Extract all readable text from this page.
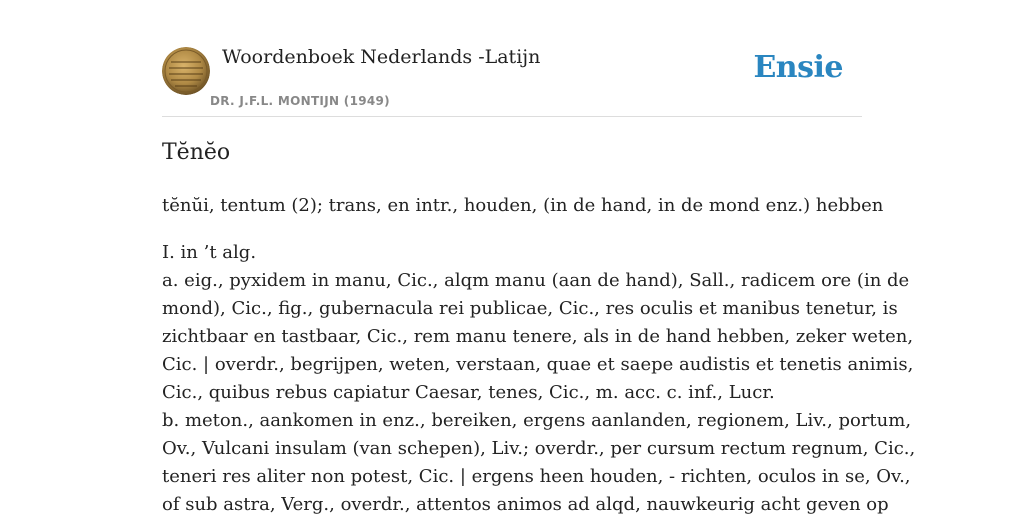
Woordenboek Nederlands -Latijn
DR. J.F.L. MONTIJN (1949)
Ensie
Tĕnĕo
tĕnŭi, tentum (2); trans, en intr., houden, (in de hand, in de mond enz.) hebben
I. in ’t alg.
a. eig., pyxidem in manu, Cic., alqm manu (aan de hand), Sall., radicem ore (in de
mond), Cic., fig., gubernacula rei publicae, Cic., res oculis et manibus tenetur, is
zichtbaar en tastbaar, Cic., rem manu tenere, als in de hand hebben, zeker weten,
Cic. | overdr., begrijpen, weten, verstaan, quae et saepe audistis et tenetis animis,
Cic., quibus rebus capiatur Caesar, tenes, Cic., m. acc. c. inf., Lucr.
b. meton., aankomen in enz., bereiken, ergens aanlanden, regionem, Liv., portum,
Ov., Vulcani insulam (van schepen), Liv.; overdr., per cursum rectum regnum, Cic.,
teneri res aliter non potest, Cic. | ergens heen houden, - richten, oculos in se, Ov.,
of sub astra, Verg., overdr., attentos animos ad alqd, nauwkeurig acht geven op
